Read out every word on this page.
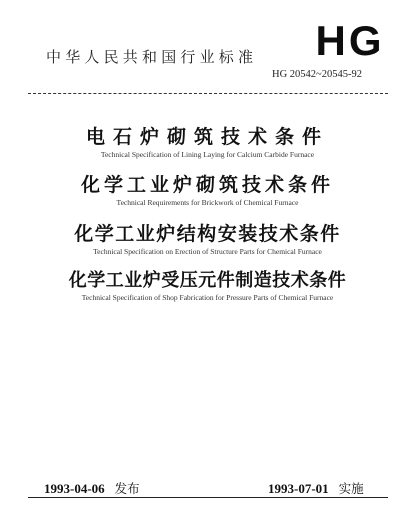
中华人民共和国行业标准	HG
HG 20542~20545-92
电石炉砌筑技术条件
Technical Specification of Lining Laying for Calcium Carbide Furnace
化学工业炉砌筑技术条件
Technical Requirements for Brickwork of Chemical Furnace
化学工业炉结构安装技术条件
Technical Specification on Erection of Structure Parts for Chemical Furnace
化学工业炉受压元件制造技术条件
Technical Specification of Shop Fabrication for Pressure Parts of Chemical Furnace
1993-04-06 发布	1993-07-01 实施
